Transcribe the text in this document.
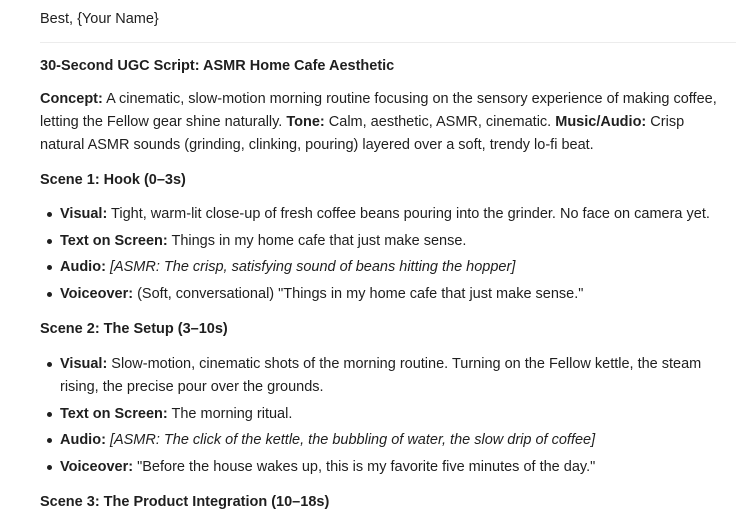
Best, {Your Name}
30-Second UGC Script: ASMR Home Cafe Aesthetic
Concept: A cinematic, slow-motion morning routine focusing on the sensory experience of making coffee, letting the Fellow gear shine naturally. Tone: Calm, aesthetic, ASMR, cinematic. Music/Audio: Crisp natural ASMR sounds (grinding, clinking, pouring) layered over a soft, trendy lo-fi beat.
Scene 1: Hook (0–3s)
Visual: Tight, warm-lit close-up of fresh coffee beans pouring into the grinder. No face on camera yet.
Text on Screen: Things in my home cafe that just make sense.
Audio: [ASMR: The crisp, satisfying sound of beans hitting the hopper]
Voiceover: (Soft, conversational) "Things in my home cafe that just make sense."
Scene 2: The Setup (3–10s)
Visual: Slow-motion, cinematic shots of the morning routine. Turning on the Fellow kettle, the steam rising, the precise pour over the grounds.
Text on Screen: The morning ritual.
Audio: [ASMR: The click of the kettle, the bubbling of water, the slow drip of coffee]
Voiceover: "Before the house wakes up, this is my favorite five minutes of the day."
Scene 3: The Product Integration (10–18s)
